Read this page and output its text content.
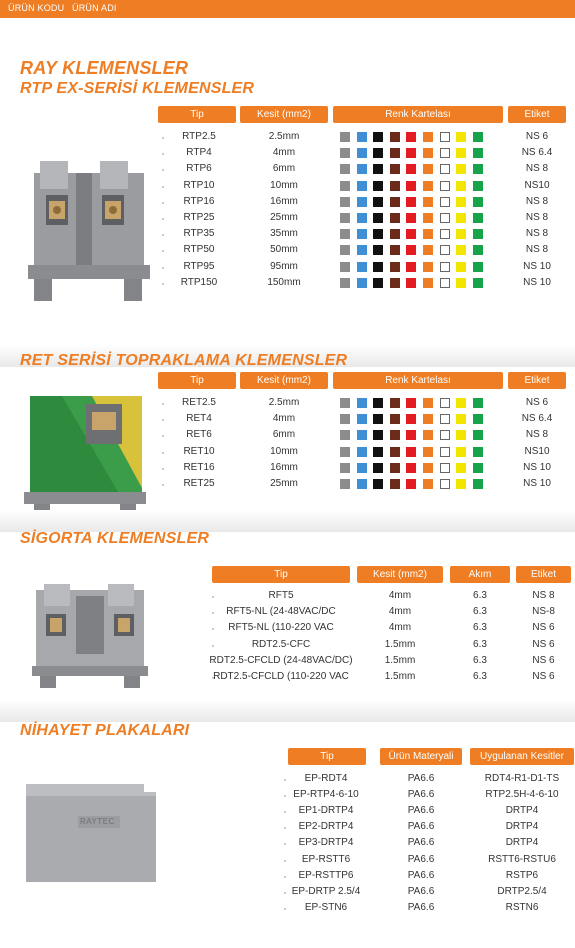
ÜRÜN KODU ÜRÜN ADI
RAY KLEMENSLER
RTP EX-SERİSİ KLEMENSLER
Tip	Kesit (mm2)	Renk Kartelası	Etiket
RTP2.5	2.5mm	NS 6
RTP4	4mm	NS 6.4
RTP6	6mm	NS 8
RTP10	10mm	NS10
RTP16	16mm	NS 8
RTP25	25mm	NS 8
RTP35	35mm	NS 8
RTP50	50mm	NS 8
RTP95	95mm	NS 10
RTP150	150mm	NS 10
RET SERİSİ TOPRAKLAMA KLEMENSLER
Tip	Kesit (mm2)	Renk Kartelası	Etiket
RET2.5	2.5mm	NS 6
RET4	4mm	NS 6.4
RET6	6mm	NS 8
RET10	10mm	NS10
RET16	16mm	NS 10
RET25	25mm	NS 10
SİGORTA KLEMENSLER
Tip	Kesit (mm2)	Akım	Etiket
RFT5	4mm	6.3	NS 8
RFT5-NL (24-48VAC/DC	4mm	6.3	NS-8
RFT5-NL (110-220 VAC	4mm	6.3	NS 6
RDT2.5-CFC	1.5mm	6.3	NS 6
RDT2.5-CFCLD (24-48VAC/DC)	1.5mm	6.3	NS 6
RDT2.5-CFCLD (110-220 VAC	1.5mm	6.3	NS 6
NİHAYET PLAKALARI
Tip	Ürün Materyali	Uygulanan Kesitler
EP-RDT4	PA6.6	RDT4-R1-D1-TS
EP-RTP4-6-10	PA6.6	RTP2.5H-4-6-10
EP1-DRTP4	PA6.6	DRTP4
EP2-DRTP4	PA6.6	DRTP4
EP3-DRTP4	PA6.6	DRTP4
EP-RSTT6	PA6.6	RSTT6-RSTU6
EP-RSTTP6	PA6.6	RSTP6
EP-DRTP 2.5/4	PA6.6	DRTP2.5/4
EP-STN6	PA6.6	RSTN6
RAYTEC
